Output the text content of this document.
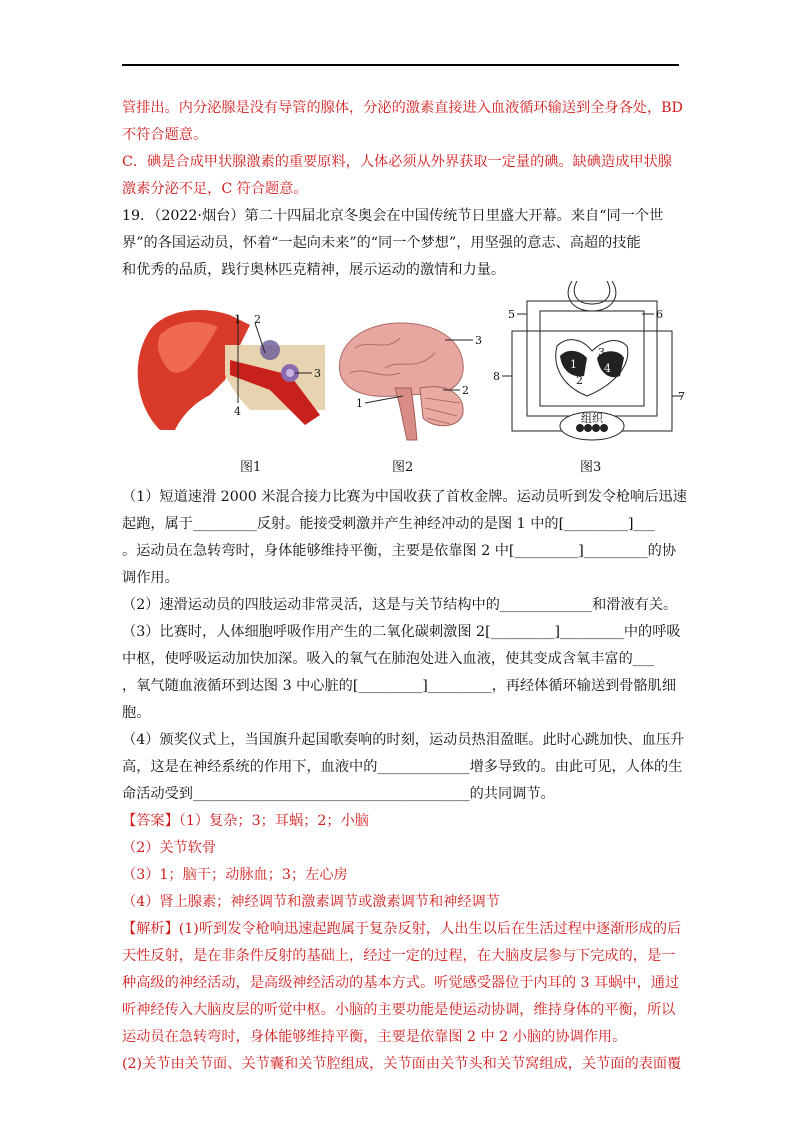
管排出。内分泌腺是没有导管的腺体，分泌的激素直接进入血液循环输送到全身各处，BD

不符合题意。

C．碘是合成甲状腺激素的重要原料，人体必须从外界获取一定量的碘。缺碘造成甲状腺

激素分泌不足，C 符合题意。

19．（2022·烟台）第二十四届北京冬奥会在中国传统节日里盛大开幕。来自“同一个世

界”的各国运动员，怀着“一起向未来”的“同一个梦想”，用坚强的意志、高超的技能

和优秀的品质，践行奥林匹克精神，展示运动的激情和力量。

（1）短道速滑 2000 米混合接力比赛为中国收获了首枚金牌。运动员听到发令枪响后迅速

起跑，属于_________反射。能接受刺激并产生神经冲动的是图 1 中的[_________]___

。运动员在急转弯时，身体能够维持平衡，主要是依靠图 2 中[_________]_________的协

调作用。

（2）速滑运动员的四肢运动非常灵活，这是与关节结构中的_____________和滑液有关。

（3）比赛时，人体细胞呼吸作用产生的二氧化碳刺激图 2[_________]_________中的呼吸

中枢，使呼吸运动加快加深。吸入的氧气在肺泡处进入血液，使其变成含氧丰富的___

，氧气随血液循环到达图 3 中心脏的[_________]_________，再经体循环输送到骨骼肌细

胞。

（4）颁奖仪式上，当国旗升起国歌奏响的时刻，运动员热泪盈眶。此时心跳加快、血压升

高，这是在神经系统的作用下，血液中的_____________增多导致的。由此可见，人体的生

命活动受到_______________________________________的共同调节。

【答案】（1）复杂；3；耳蜗；2；小脑

（2）关节软骨

（3）1；脑干；动脉血；3；左心房

（4）肾上腺素；神经调节和激素调节或激素调节和神经调节

【解析】(1)听到发令枪响迅速起跑属于复杂反射，人出生以后在生活过程中逐渐形成的后

天性反射，是在非条件反射的基础上，经过一定的过程，在大脑皮层参与下完成的，是一

种高级的神经活动，是高级神经活动的基本方式。听觉感受器位于内耳的 3 耳蜗中，通过

听神经传入大脑皮层的听觉中枢。小脑的主要功能是使运动协调，维持身体的平衡，所以

运动员在急转弯时，身体能够维持平衡，主要是依靠图 2 中 2 小脑的协调作用。

(2)关节由关节面、关节囊和关节腔组成，关节面由关节头和关节窝组成，关节面的表面覆

1 2
3
4
图1
3
2
1
图2
1
2
3
4
5	6
7
8
组织
图3
